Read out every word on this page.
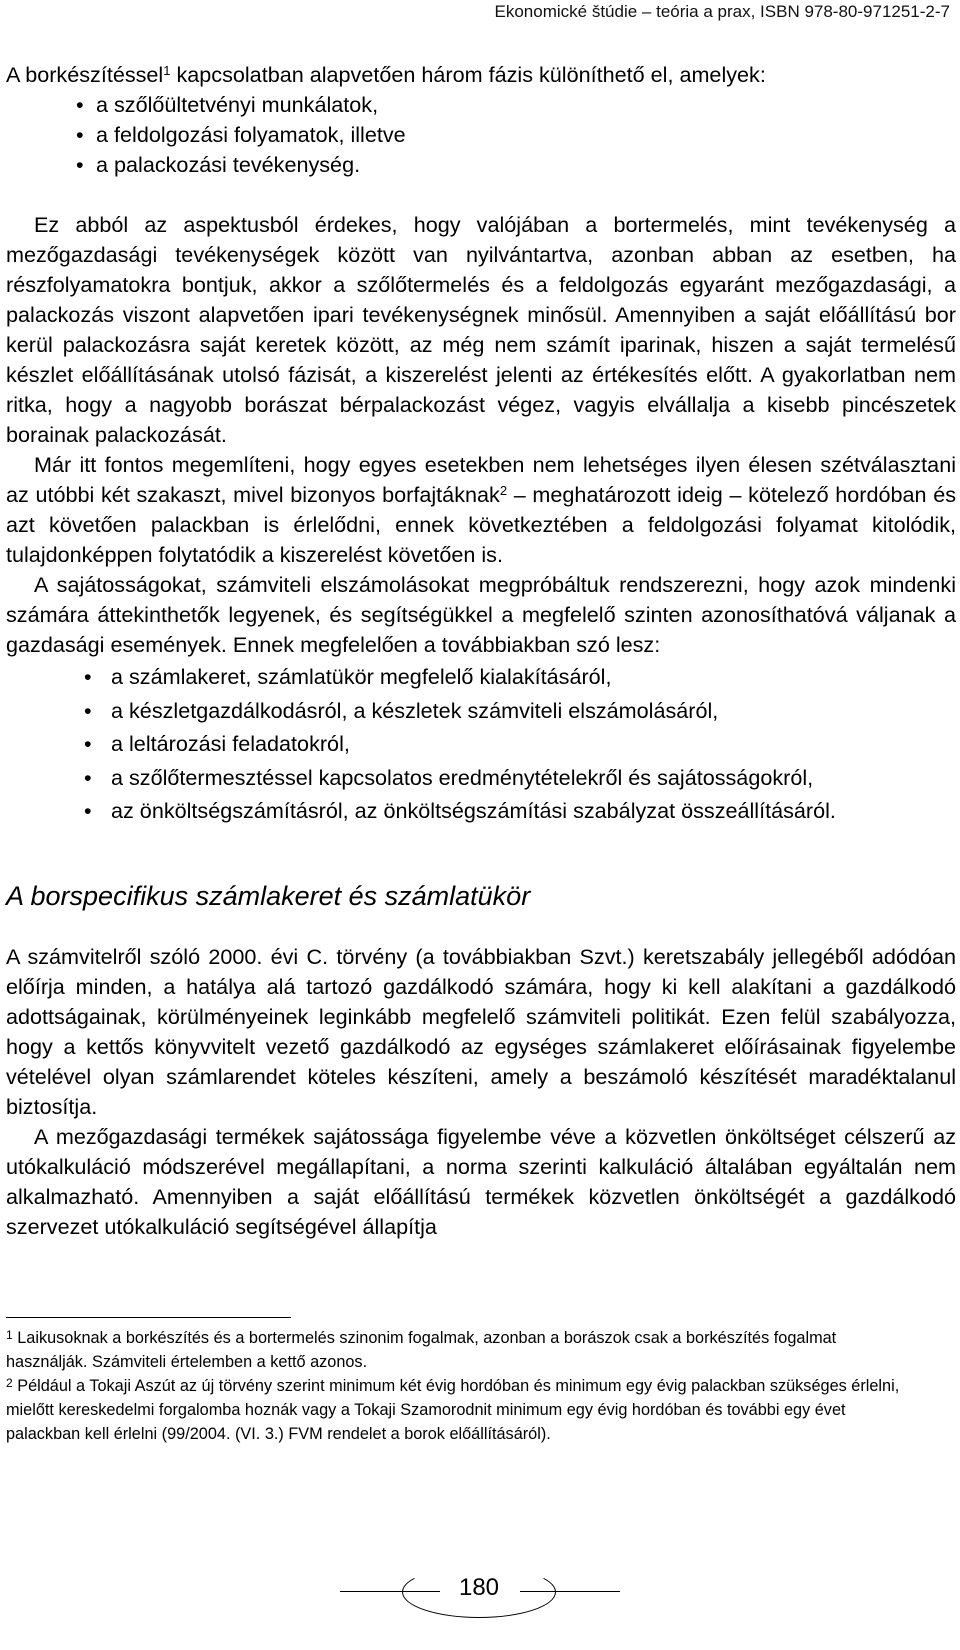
Ekonomické štúdie – teória a prax, ISBN 978-80-971251-2-7

A borkészítéssel$^1$ kapcsolatban alapvetően három fázis különíthető el, amelyek:

• a szőlőültetvényi munkálatok,
• a feldolgozási folyamatok, illetve
• a palackozási tevékenység.

Ez abból az aspektusból érdekes, hogy valójában a bortermelés, mint tevékenység a mezőgazdasági tevékenységek között van nyilvántartva, azonban abban az esetben, ha részfolyamatokra bontjuk, akkor a szőlőtermelés és a feldolgozás egyaránt mezőgazdasági, a palackozás viszont alapvetően ipari tevékenységnek minősül. Amennyiben a saját előállítású bor kerül palackozásra saját keretek között, az még nem számít iparinak, hiszen a saját termelésű készlet előállításának utolsó fázisát, a kiszerelést jelenti az értékesítés előtt. A gyakorlatban nem ritka, hogy a nagyobb borászat bérpalackozást végez, vagyis elvállalja a kisebb pincészetek borainak palackozását.

Már itt fontos megemlíteni, hogy egyes esetekben nem lehetséges ilyen élesen szétválasztani az utóbbi két szakaszt, mivel bizonyos borfajtáknak$^2$ – meghatározott ideig – kötelező hordóban és azt követően palackban is érlelődni, ennek következtében a feldolgozási folyamat kitolódik, tulajdonképpen folytatódik a kiszerelést követően is.

A sajátosságokat, számviteli elszámolásokat megpróbáltuk rendszerezni, hogy azok mindenki számára áttekinthetők legyenek, és segítségükkel a megfelelő szinten azonosíthatóvá váljanak a gazdasági események. Ennek megfelelően a továbbiakban szó lesz:

• a számlakeret, számlatükör megfelelő kialakításáról,
• a készletgazdálkodásról, a készletek számviteli elszámolásáról,
• a leltározási feladatokról,
• a szőlőtermesztéssel kapcsolatos eredménytételekről és sajátosságokról,
• az önköltségszámításról, az önköltségszámítási szabályzat összeállításáról.
A borspecifikus számlakeret és számlatükör

A számvitelről szóló 2000. évi C. törvény (a továbbiakban Szvt.) keretszabály jellegéből adódóan előírja minden, a hatálya alá tartozó gazdálkodó számára, hogy ki kell alakítani a gazdálkodó adottságainak, körülményeinek leginkább megfelelő számviteli politikát. Ezen felül szabályozza, hogy a kettős könyvvitelt vezető gazdálkodó az egységes számlakeret előírásainak figyelembe vételével olyan számlarendet köteles készíteni, amely a beszámoló készítését maradéktalanul biztosítja.

A mezőgazdasági termékek sajátossága figyelembe véve a közvetlen önköltséget célszerű az utókalkuláció módszerével megállapítani, a norma szerinti kalkuláció általában egyáltalán nem alkalmazható. Amennyiben a saját előállítású termékek közvetlen önköltségét a gazdálkodó szervezet utókalkuláció segítségével állapítja

$^1$ Laikusoknak a borkészítés és a bortermelés szinonim fogalmak, azonban a borászok csak a borkészítés fogalmat használják. Számviteli értelemben a kettő azonos.

$^2$ Például a Tokaji Aszút az új törvény szerint minimum két évig hordóban és minimum egy évig palackban szükséges érlelni, mielőtt kereskedelmi forgalomba hoznák vagy a Tokaji Szamorodnit minimum egy évig hordóban és további egy évet palackban kell érlelni (99/2004. (VI. 3.) FVM rendelet a borok előállításáról).

180
